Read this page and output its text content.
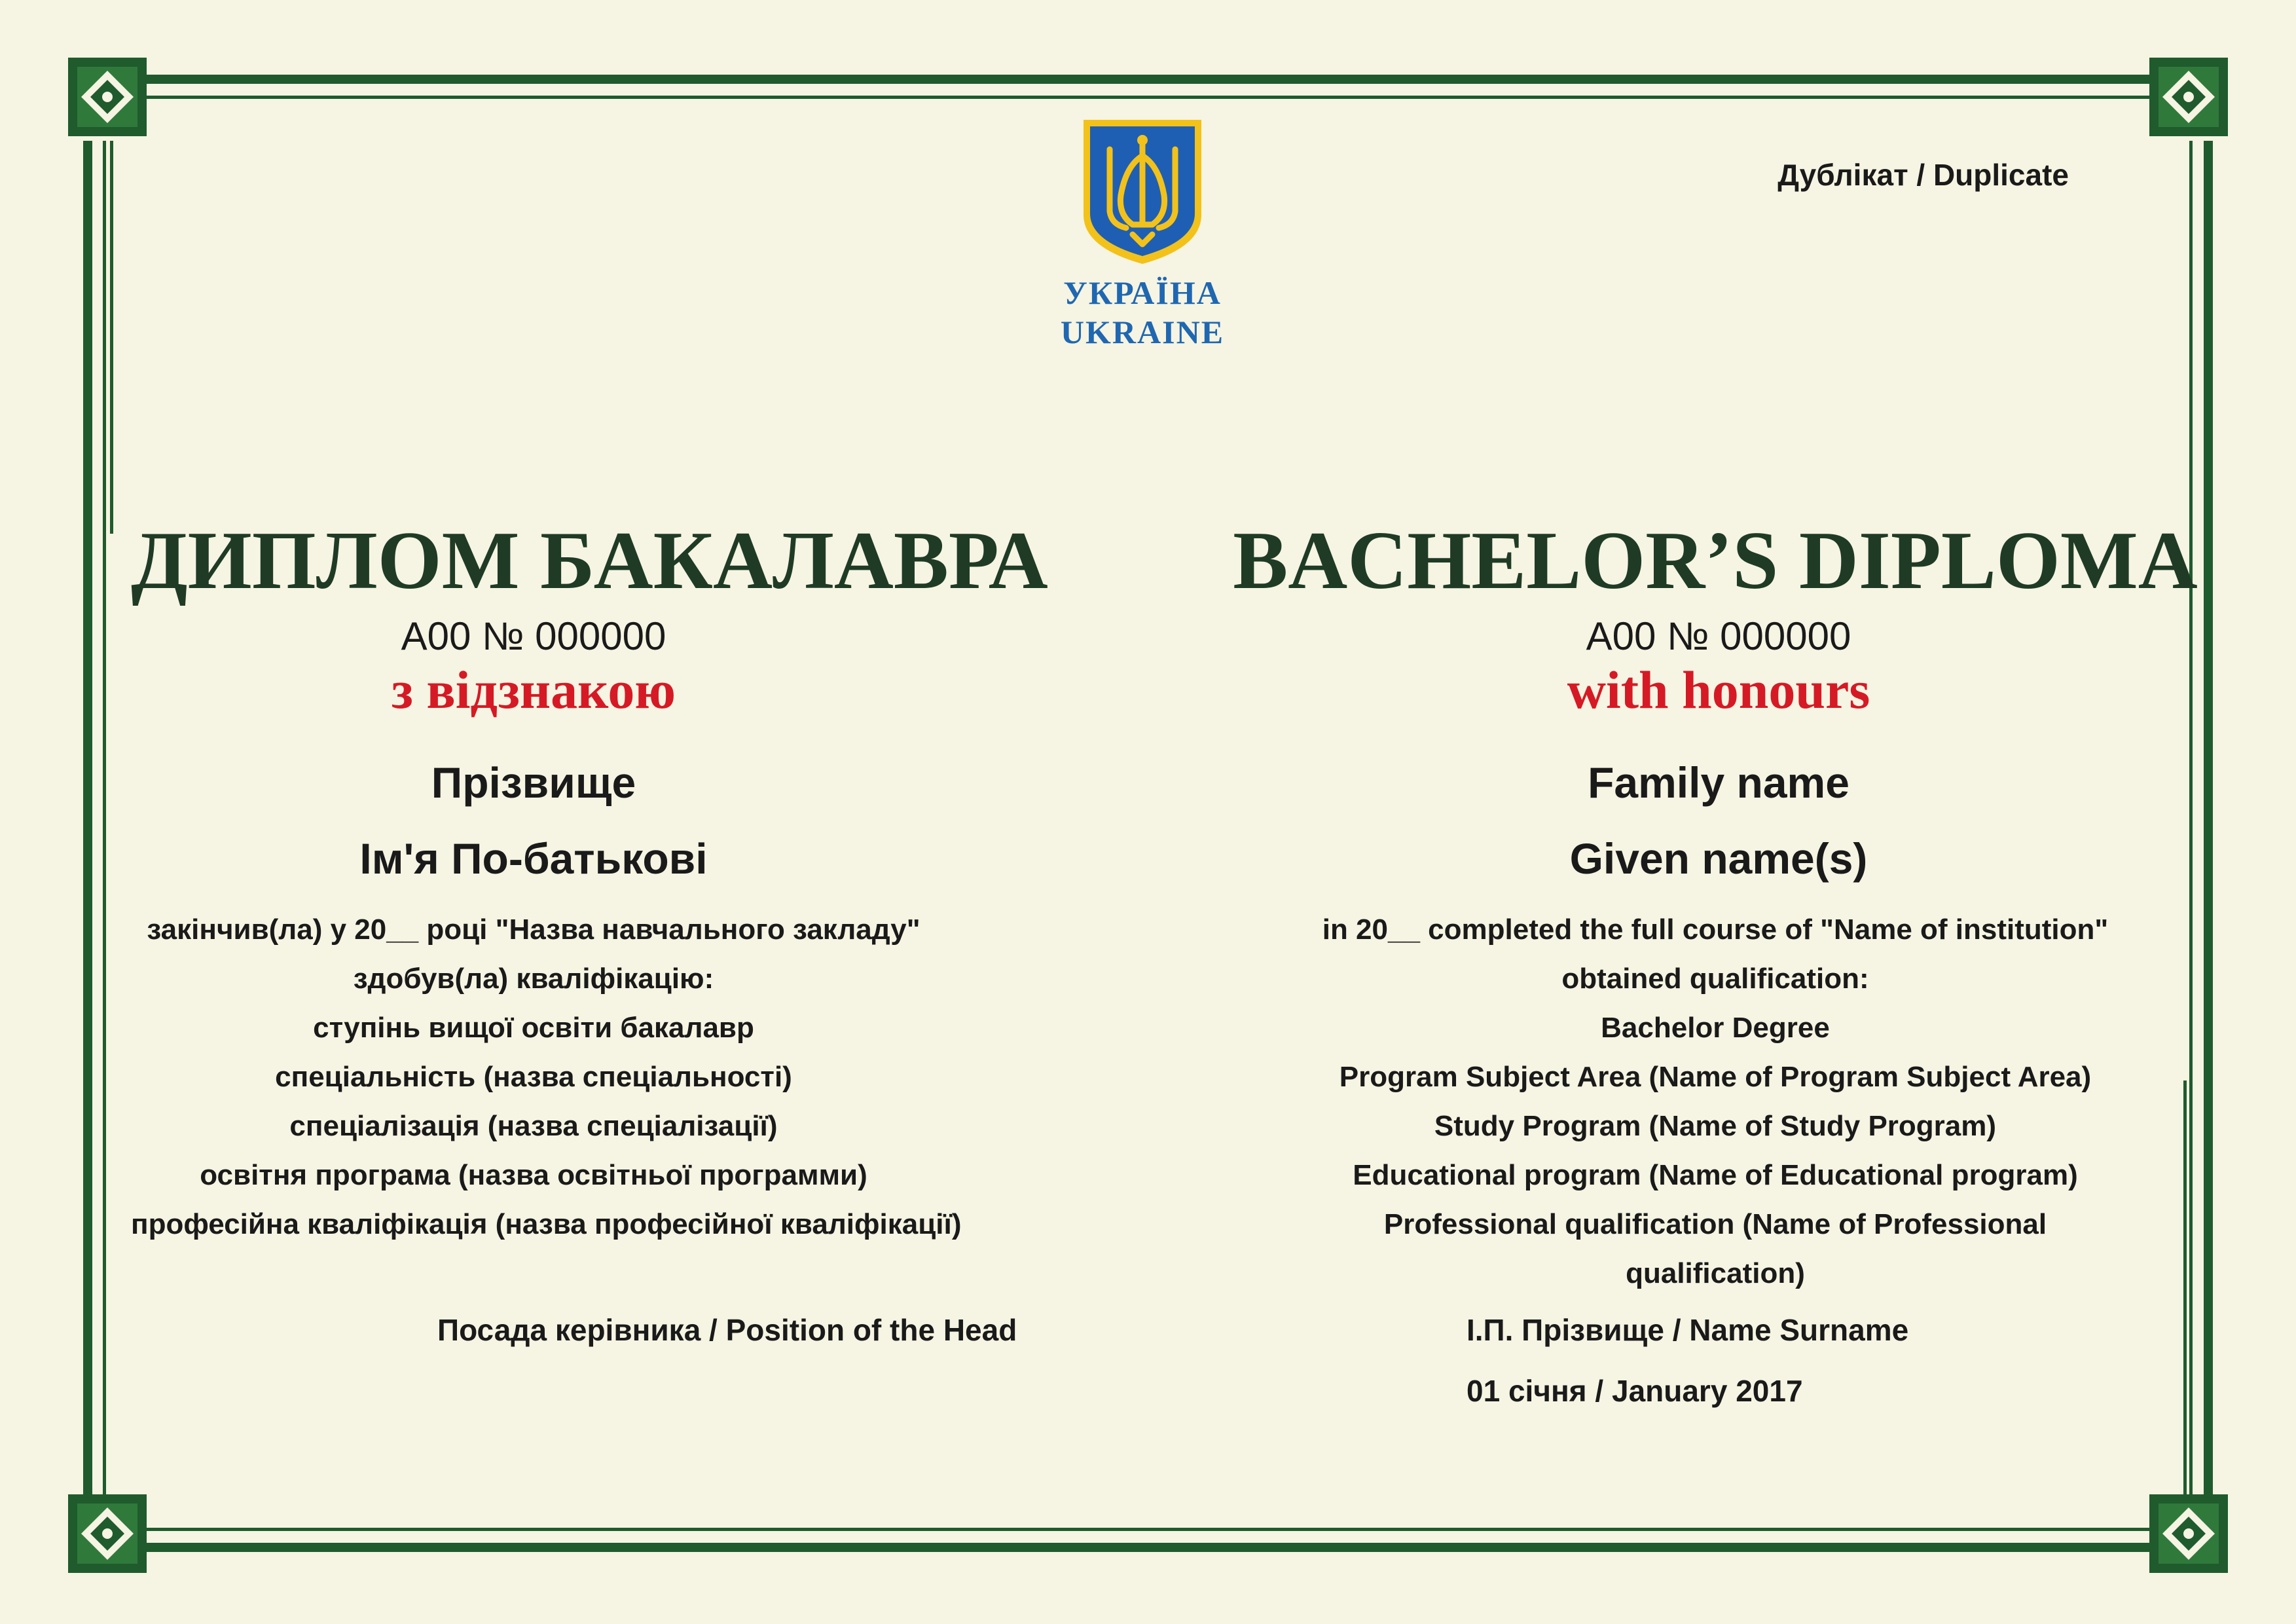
УКРАЇНА
UKRAINE
Дублікат / Duplicate
ДИПЛОМ БАКАЛАВРА
А00 № 000000
з відзнакою
Прізвище
Ім'я По-батькові
закінчив(ла) у 20__ році "Назва навчального закладу"
здобув(ла) кваліфікацію:
ступінь вищої освіти бакалавр
спеціальність (назва спеціальності)
спеціалізація (назва спеціалізації)
освітня програма (назва освітньої программи)
професійна кваліфікація (назва професійної кваліфікації)
Посада керівника / Position of the Head
BACHELOR’S DIPLOMA
А00 № 000000
with honours
Family name
Given name(s)
in 20__ completed the full course of "Name of institution"
obtained qualification:
Bachelor Degree
Program Subject Area (Name of Program Subject Area)
Study Program (Name of Study Program)
Educational program (Name of Educational program)
Professional qualification (Name of Professional
qualification)
І.П. Прізвище / Name Surname
01 січня / January 2017
